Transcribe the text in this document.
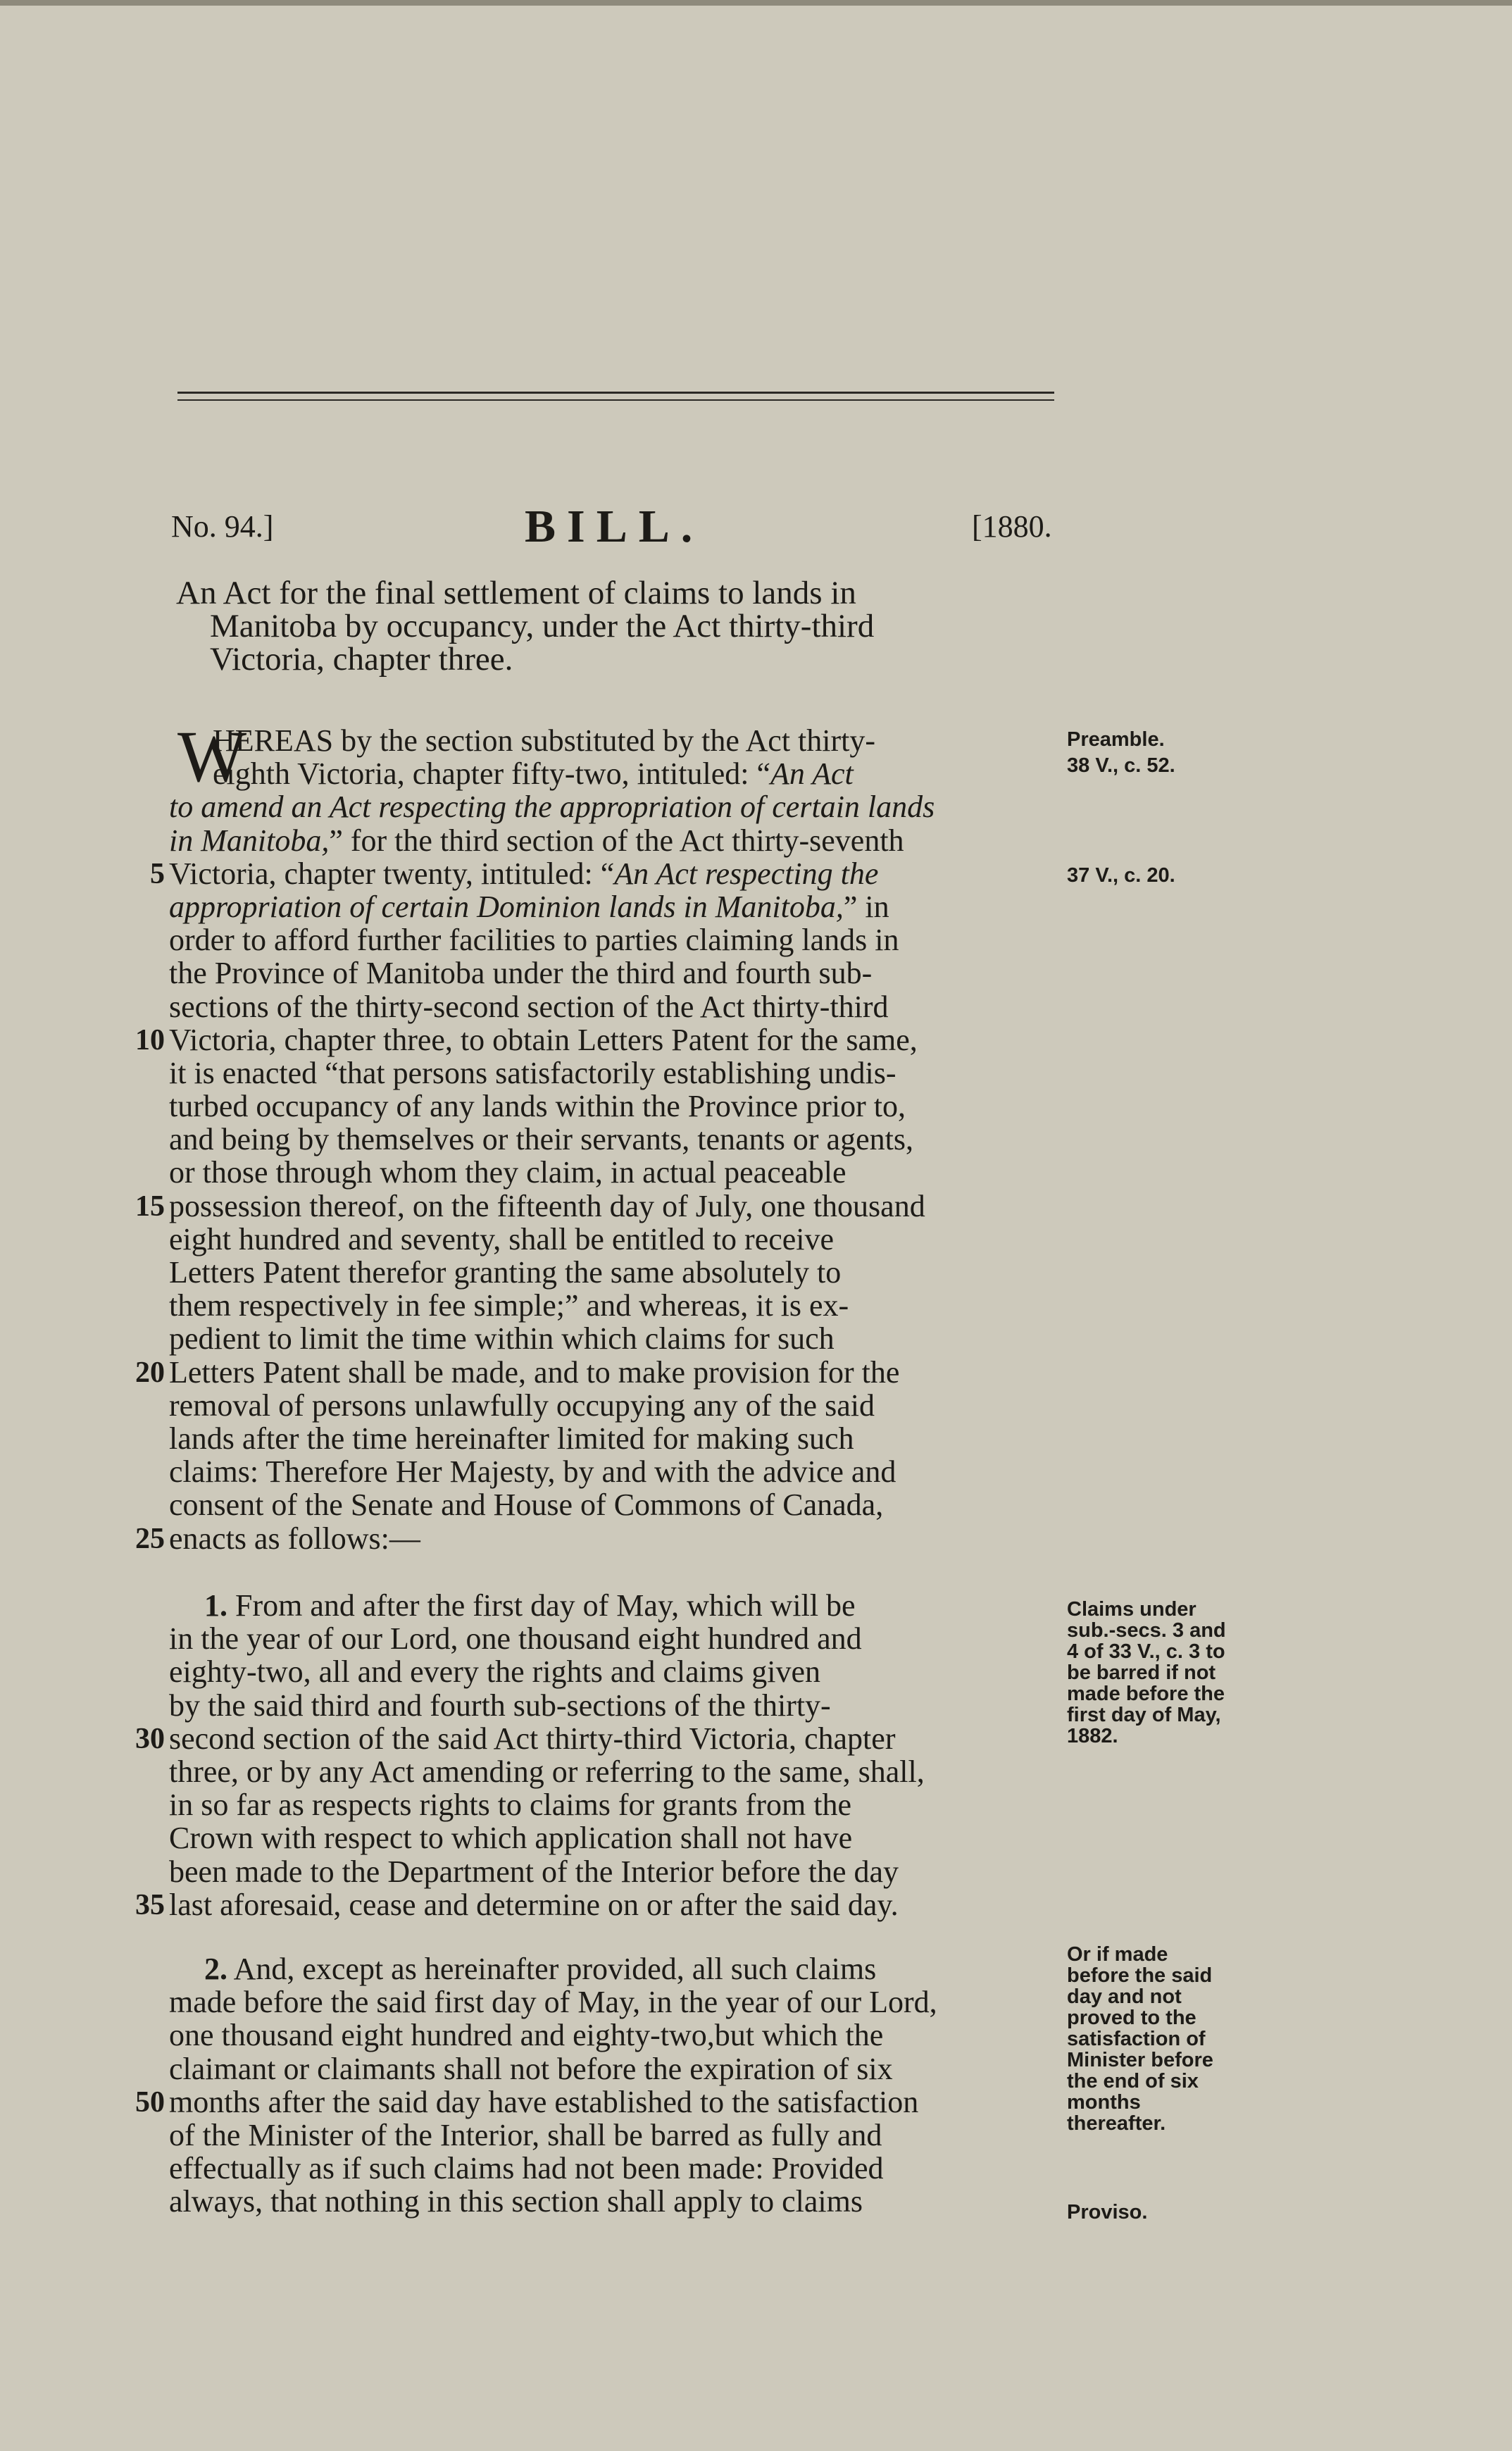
No. 94.]	BILL.	[1880.
An Act for the final settlement of claims to lands in
Manitoba by occupancy, under the Act thirty-third
Victoria, chapter three.
W
HEREAS by the section substituted by the Act thirty-
eighth Victoria, chapter fifty-two, intituled: “An Act
to amend an Act respecting the appropriation of certain lands
in Manitoba,” for the third section of the Act thirty-seventh
Victoria, chapter twenty, intituled: “An Act respecting the
appropriation of certain Dominion lands in Manitoba,” in
order to afford further facilities to parties claiming lands in
the Province of Manitoba under the third and fourth sub-
sections of the thirty-second section of the Act thirty-third
Victoria, chapter three, to obtain Letters Patent for the same,
it is enacted “that persons satisfactorily establishing undis-
turbed occupancy of any lands within the Province prior to,
and being by themselves or their servants, tenants or agents,
or those through whom they claim, in actual peaceable
possession thereof, on the fifteenth day of July, one thousand
eight hundred and seventy, shall be entitled to receive
Letters Patent therefor granting the same absolutely to
them respectively in fee simple;” and whereas, it is ex-
pedient to limit the time within which claims for such
Letters Patent shall be made, and to make provision for the
removal of persons unlawfully occupying any of the said
lands after the time hereinafter limited for making such
claims: Therefore Her Majesty, by and with the advice and
consent of the Senate and House of Commons of Canada,
enacts as follows:—
1. From and after the first day of May, which will be
in the year of our Lord, one thousand eight hundred and
eighty-two, all and every the rights and claims given
by the said third and fourth sub-sections of the thirty-
second section of the said Act thirty-third Victoria, chapter
three, or by any Act amending or referring to the same, shall,
in so far as respects rights to claims for grants from the
Crown with respect to which application shall not have
been made to the Department of the Interior before the day
last aforesaid, cease and determine on or after the said day.
2. And, except as hereinafter provided, all such claims
made before the said first day of May, in the year of our Lord,
one thousand eight hundred and eighty-two,but which the
claimant or claimants shall not before the expiration of six
months after the said day have established to the satisfaction
of the Minister of the Interior, shall be barred as fully and
effectually as if such claims had not been made: Provided
always, that nothing in this section shall apply to claims
5
10
15
20
25
30
35
50
Preamble.
38 V., c. 52.
37 V., c. 20.
Claims under sub.-secs. 3 and 4 of 33 V., c. 3 to be barred if not made before the first day of May, 1882.
Or if made before the said day and not proved to the satisfaction of Minister before the end of six months thereafter.
Proviso.
